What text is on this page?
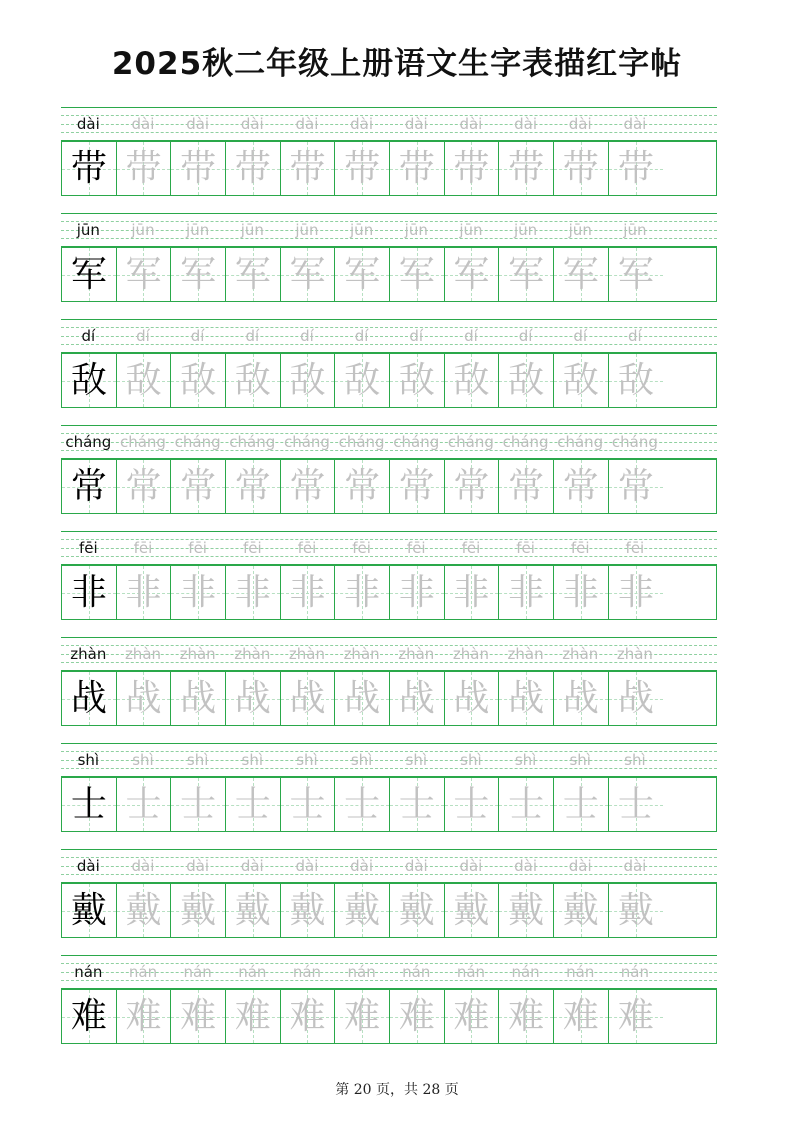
2025秋二年级上册语文生字表描红字帖
dài	dài	dài	dài	dài	dài	dài	dài	dài	dài	dài
带 带 带 带 带 带 带 带 带 带 带
jūn	jūn	jūn	jūn	jūn	jūn	jūn	jūn	jūn	jūn	jūn
军 军 军 军 军 军 军 军 军 军 军
dí	dí	dí	dí	dí	dí	dí	dí	dí	dí	dí
敌 敌 敌 敌 敌 敌 敌 敌 敌 敌 敌
cháng cháng cháng cháng cháng cháng cháng cháng cháng cháng cháng
常 常 常 常 常 常 常 常 常 常 常
fēi	fēi	fēi	fēi	fēi	fēi	fēi	fēi	fēi	fēi	fēi
非 非 非 非 非 非 非 非 非 非 非
zhàn	zhàn	zhàn	zhàn	zhàn	zhàn	zhàn	zhàn	zhàn	zhàn	zhàn
战 战 战 战 战 战 战 战 战 战 战
shì	shì	shì	shì	shì	shì	shì	shì	shì	shì	shì
士 士 士 士 士 士 士 士 士 士 士
dài	dài	dài	dài	dài	dài	dài	dài	dài	dài	dài
戴 戴 戴 戴 戴 戴 戴 戴 戴 戴 戴
nán	nán	nán	nán	nán	nán	nán	nán	nán	nán	nán
难 难 难 难 难 难 难 难 难 难 难
第 20 页，共 28 页
